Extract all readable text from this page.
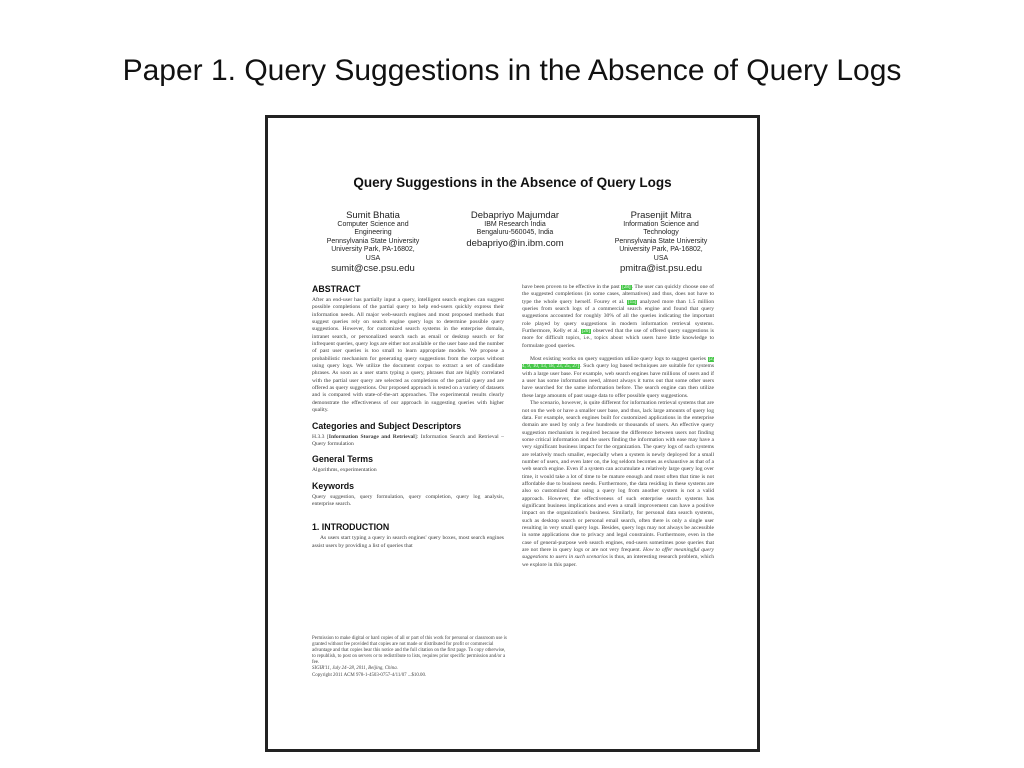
Paper 1. Query Suggestions in the Absence of Query Logs
Query Suggestions in the Absence of Query Logs
Sumit Bhatia
Computer Science and
Engineering
Pennsylvania State University
University Park, PA-16802,
USA
sumit@cse.psu.edu
Debapriyo Majumdar
IBM Research India
Bengaluru-560045, India
debapriyo@in.ibm.com
Prasenjit Mitra
Information Science and
Technology
Pennsylvania State University
University Park, PA-16802,
USA
pmitra@ist.psu.edu
ABSTRACT
After an end-user has partially input a query, intelligent search engines can suggest possible completions of the partial query to help end-users quickly express their information needs. All major web-search engines and most proposed methods that suggest queries rely on search engine query logs to determine possible query suggestions. However, for customized search systems in the enterprise domain, intranet search, or personalized search such as email or desktop search or for infrequent queries, query logs are either not available or the user base and the number of past user queries is too small to learn appropriate models. We propose a probabilistic mechanism for generating query suggestions from the corpus without using query logs. We utilize the document corpus to extract a set of candidate phrases. As soon as a user starts typing a query, phrases that are highly correlated with the partial user query are selected as completions of the partial query and are offered as query suggestions. Our proposed approach is tested on a variety of datasets and is compared with state-of-the-art approaches. The experimental results clearly demonstrate the effectiveness of our approach in suggesting queries with higher quality.
Categories and Subject Descriptors
H.3.3 [Information Storage and Retrieval]: Information Search and Retrieval – Query formulation
General Terms
Algorithms, experimentation
Keywords
Query suggestion, query formulation, query completion, query log analysis, enterprise search.
1. INTRODUCTION
As users start typing a query in search engines' query boxes, most search engines assist users by providing a list of queries that
Permission to make digital or hard copies of all or part of this work for personal or classroom use is granted without fee provided that copies are not made or distributed for profit or commercial advantage and that copies bear this notice and the full citation on the first page. To copy otherwise, to republish, to post on servers or to redistribute to lists, requires prior specific permission and/or a fee.
SIGIR'11, July 24–28, 2011, Beijing, China.
Copyright 2011 ACM 978-1-4503-0757-4/11/07 ...$10.00.
have been proven to be effective in the past [28]. The user can quickly choose one of the suggested completions (in some cases, alternatives) and thus, does not have to type the whole query herself. Fourey et al. [15] analyzed more than 1.5 million queries from search logs of a commercial search engine and found that query suggestions accounted for roughly 30% of all the queries indicating the important role played by query suggestions in modern information retrieval systems. Furthermore, Kelly et al. [20] observed that the use of offered query suggestions is more for difficult topics, i.e., topics about which users have little knowledge to formulate good queries.
Most existing works on query suggestion utilize query logs to suggest queries [2, 4, 9, 10, 13, 18, 23, 25, 27]. Such query log based techniques are suitable for systems with a large user base. For example, web search engines have millions of users and if a user has some information need, almost always it turns out that some other users have searched for the same information before. The search engine can then utilize these large amounts of past usage data to offer possible query suggestions.
The scenario, however, is quite different for information retrieval systems that are not on the web or have a smaller user base, and thus, lack large amounts of query log data. For example, search engines built for customized applications in the enterprise domain are used by only a few hundreds or thousands of users. An effective query suggestion mechanism is required because the difference between users not finding some critical information and the users finding the information with ease may have a very significant business impact for the organization. The query logs of such systems are relatively much smaller, especially when a system is newly deployed for a small number of users, and even later on, the log seldom becomes as exhaustive as that of a web search engine. Even if a system can accumulate a relatively large query log over time, it would take a lot of time to be mature enough and most often that time is not affordable due to business needs. Furthermore, the data residing in these systems are also so customized that using a query log from another system is not a valid approach. However, the effectiveness of such enterprise search systems has significant business implications and even a small improvement can have a positive impact on the organization's business. Similarly, for personal data search systems, such as desktop search or personal email search, often there is only a single user resulting in very small query logs. Besides, query logs may not always be accessible in some applications due to privacy and legal constraints. Furthermore, even in the case of general-purpose web search engines, end-users sometimes pose queries that are not there in query logs or are not very frequent. How to offer meaningful query suggestions to users in such scenarios is thus, an interesting research problem, which we explore in this paper.
